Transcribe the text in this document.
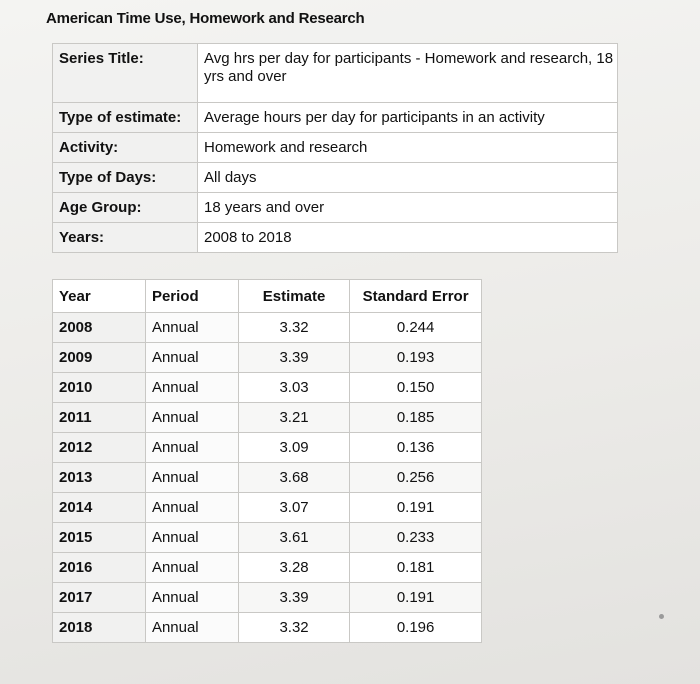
American Time Use, Homework and Research
Series Title:	Avg hrs per day for participants - Homework and research, 18 yrs and over
Type of estimate:	Average hours per day for participants in an activity
Activity:	Homework and research
Type of Days:	All days
Age Group:	18 years and over
Years:	2008 to 2018
Year	Period	Estimate	Standard Error
2008	Annual	3.32	0.244
2009	Annual	3.39	0.193
2010	Annual	3.03	0.150
2011	Annual	3.21	0.185
2012	Annual	3.09	0.136
2013	Annual	3.68	0.256
2014	Annual	3.07	0.191
2015	Annual	3.61	0.233
2016	Annual	3.28	0.181
2017	Annual	3.39	0.191
2018	Annual	3.32	0.196
